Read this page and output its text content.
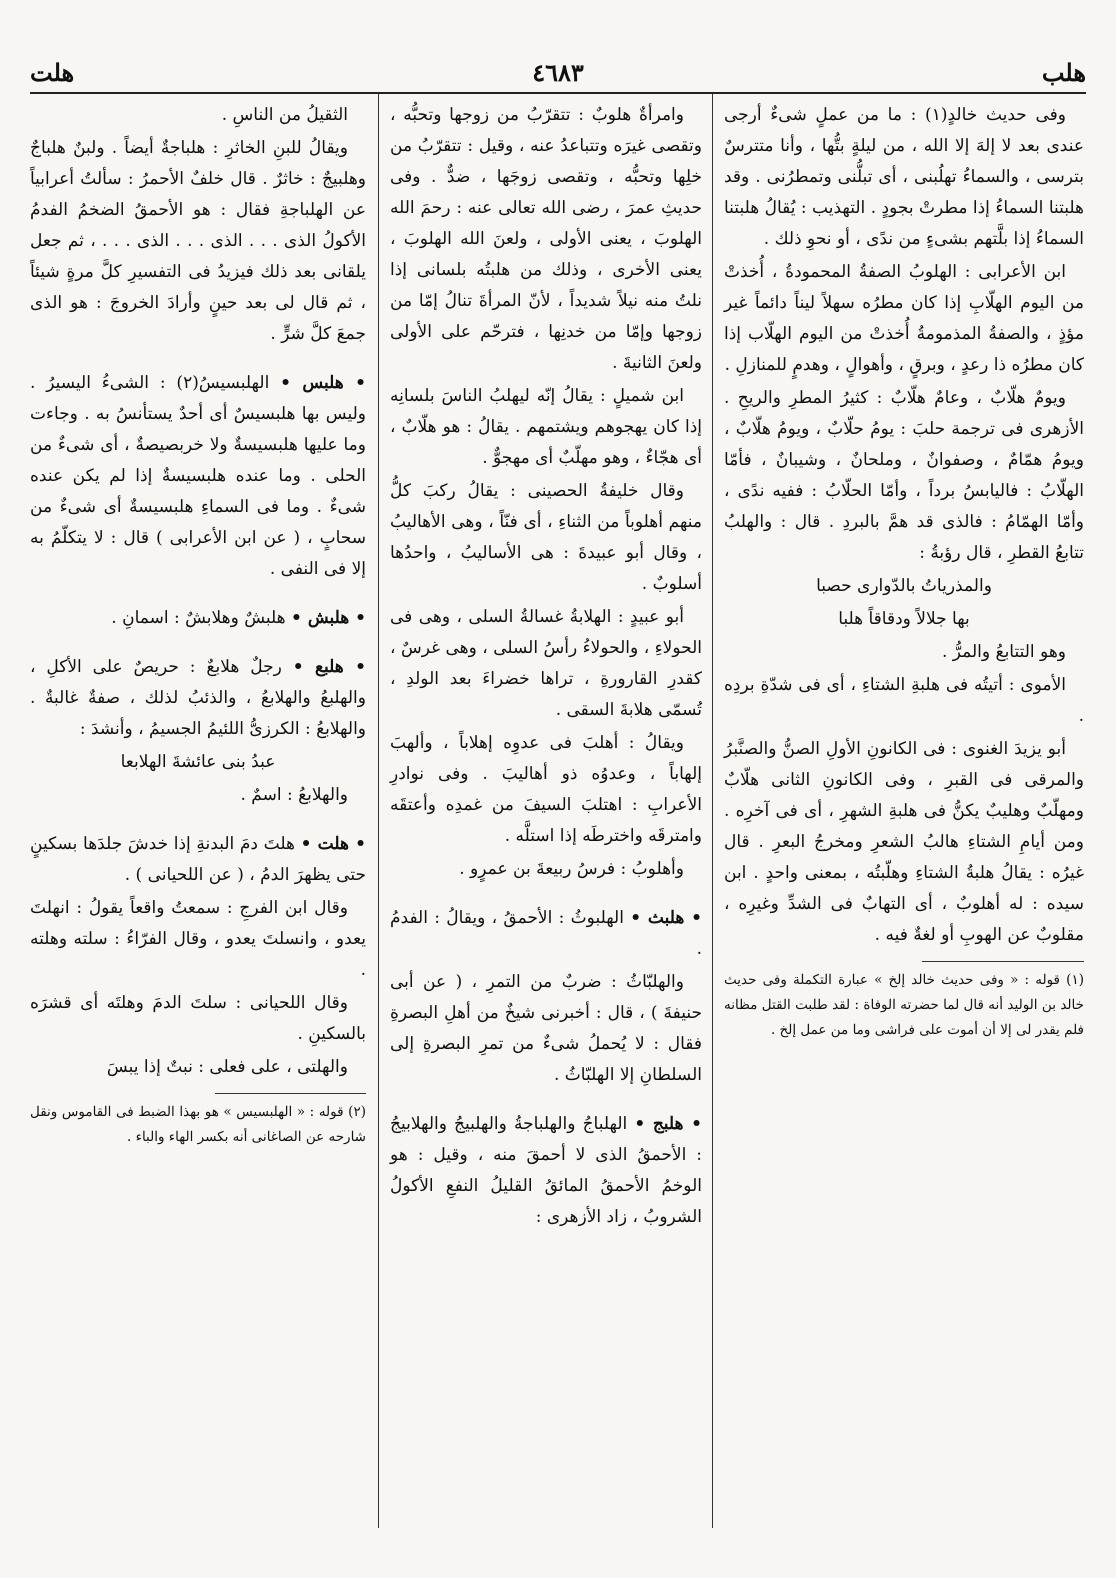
هلب
٤٦٨٣
هلت

وفى حديث خالدٍ(١) : ما من عملٍ شىءٌ أرجى عندى بعد لا إلهَ إلا الله ، من ليلةٍ بتُّها ، وأنا متترسٌ بترسى ، والسماءُ تهلُبنى ، أى تبلُّنى وتمطرُنى . وقد هلبتنا السماءُ إذا مطرتْ بجودٍ . التهذيب : يُقالُ هلبتنا السماءُ إذا بلَّتهم بشىءٍ من ندًى ، أو نحوِ ذلك .

ابن الأعرابى : الهلوبُ الصفةُ المحمودةُ ، أُخذتْ من اليوم الهلّابِ إذا كان مطرُه سهلاً ليناً دائماً غير مؤذٍ ، والصفةُ المذمومةُ أُخذتْ من اليوم الهلّاب إذا كان مطرُه ذا رعدٍ ، وبرقٍ ، وأهوالٍ ، وهدمٍ للمنازلِ .

ويومٌ هلّابٌ ، وعامٌ هلّابٌ : كثيرُ المطرِ والريحِ . الأزهرى فى ترجمة حلبَ : يومُ حلّابٌ ، ويومُ هلّابٌ ، ويومُ همّامٌ ، وصفوانٌ ، وملحانٌ ، وشيبانٌ ، فأمّا الهلّابُ : فاليابسُ برداً ، وأمّا الحلّابُ : ففيه ندًى ، وأمّا الهمّامُ : فالذى قد همَّ بالبردِ . قال : والهلبُ تتابعُ القطرِ ، قال رؤبةُ :

والمذرياتُ بالدّوارى حصبا

بها جلالاً ودقاقاً هلبا

وهو التتابعُ والمرُّ .

الأموى : أتيتُه فى هلبةِ الشتاءِ ، أى فى شدّةِ بردِه .

أبو يزيدَ الغنوى : فى الكانونِ الأولِ الصنُّ والصنَّبرُ والمرقى فى القبرِ ، وفى الكانونِ الثانى هلّابٌ ومهلّبٌ وهليبٌ يكنُّ فى هلبةِ الشهرِ ، أى فى آخرِه . ومن أيامِ الشتاءِ هالبُ الشعرِ ومخرجُ البعرِ . قال غيرُه : يقالُ هلبةُ الشتاءِ وهلّبتُه ، بمعنى واحدٍ . ابن سيده : له أهلوبٌ ، أى التهابٌ فى الشدِّ وغيرِه ، مقلوبٌ عن الهوبِ أو لغةٌ فيه .

(١) قوله : « وفى حديث خالد إلخ » عبارة التكملة وفى حديث خالد بن الوليد أنه قال لما حضرته الوفاة : لقد طلبت القتل مظانه فلم يقدر لى إلا أن أموت على فراشى وما من عمل إلخ .

وامرأةٌ هلوبٌ : تتقرّبُ من زوجها وتحبُّه ، وتقصى غيرَه وتتباعدُ عنه ، وقيل : تتقرّبُ من خلِها وتحبُّه ، وتقصى زوجَها ، ضدٌّ . وفى حديثِ عمرَ ، رضى الله تعالى عنه : رحمَ الله الهلوبَ ، يعنى الأولى ، ولعنَ الله الهلوبَ ، يعنى الأخرى ، وذلك من هلبتُه بلسانى إذا نلتُ منه نيلاً شديداً ، لأنّ المرأةَ تنالُ إمّا من زوجها وإمّا من خدنِها ، فترحّم على الأولى ولعنَ الثانيةَ .

ابن شميلٍ : يقالُ إنّه ليهلبُ الناسَ بلسانِه إذا كان يهجوهم ويشتمهم . يقالُ : هو هلّابٌ ، أى هجّاءٌ ، وهو مهلّبٌ أى مهجوٌّ .

وقال خليفةُ الحصينى : يقالُ ركبَ كلُّ منهم أهلوباً من الثناءِ ، أى فنّاً ، وهى الأهاليبُ ، وقال أبو عبيدةَ : هى الأساليبُ ، واحدُها أسلوبٌ .

أبو عبيدٍ : الهلابةُ غسالةُ السلى ، وهى فى الحولاءِ ، والحولاءُ رأسُ السلى ، وهى غرسٌ ، كقدرِ القارورةِ ، تراها خضراءَ بعد الولدِ ، تُسمّى هلابةَ السقى .

ويقالُ : أهلبَ فى عدوِه إهلاباً ، وألهبَ إلهاباً ، وعدوُه ذو أهاليبَ . وفى نوادرِ الأعرابِ : اهتلبَ السيفَ من غمدِه وأعتقَه وامترقَه واخترطَه إذا استلَّه .

وأهلوبُ : فرسُ ربيعةَ بن عمرٍو .

• هلبث • الهلبوثُ : الأحمقُ ، ويقالُ : الفدمُ .

والهلبّاثُ : ضربٌ من التمرِ ، ( عن أبى حنيفةَ ) ، قال : أخبرنى شيخٌ من أهلِ البصرةِ فقال : لا يُحملُ شىءٌ من تمرِ البصرةِ إلى السلطانِ إلا الهلبّاثُ .

• هلبج • الهلباجُ والهلباجةُ والهلبيجُ والهلابيجُ : الأحمقُ الذى لا أحمقَ منه ، وقيل : هو الوخمُ الأحمقُ المائقُ القليلُ النفعِ الأكولُ الشروبُ ، زاد الأزهرى :

الثقيلُ من الناسِ .

ويقالُ للبنِ الخاثرِ : هلباجةٌ أيضاً . ولبنٌ هلباجٌ وهلبيجٌ : خاثرٌ . قال خلفٌ الأحمرُ : سألتُ أعرابياً عن الهلباجةِ فقال : هو الأحمقُ الضخمُ الفدمُ الأكولُ الذى . . . الذى . . . الذى . . . ، ثم جعل يلقانى بعد ذلك فيزيدُ فى التفسيرِ كلَّ مرةٍ شيئاً ، ثم قال لى بعد حينٍ وأرادَ الخروجَ : هو الذى جمعَ كلَّ شرٍّ .

• هلبس • الهلبسيسُ(٢) : الشىءُ اليسيرُ . وليس بها هلبسيسٌ أى أحدٌ يستأنسُ به . وجاءت وما عليها هلبسيسةٌ ولا خربصيصةٌ ، أى شىءٌ من الحلى . وما عنده هلبسيسةٌ إذا لم يكن عنده شىءٌ . وما فى السماءِ هلبسيسةٌ أى شىءٌ من سحابٍ ، ( عن ابن الأعرابى ) قال : لا يتكلّمُ به إلا فى النفى .

• هلبش • هلبشٌ وهلابشٌ : اسمانِ .

• هلبع • رجلٌ هلابعٌ : حريصٌ على الأكلِ ، والهلبعُ والهلابعُ ، والذئبُ لذلك ، صفةٌ غالبةٌ . والهلابعُ : الكرزىُّ اللئيمُ الجسيمُ ، وأنشدَ :

عبدُ بنى عائشةَ الهلابعا

والهلابعُ : اسمٌ .

• هلت • هلتَ دمَ البدنةِ إذا خدشَ جلدَها بسكينٍ حتى يظهرَ الدمُ ، ( عن اللحيانى ) .

وقال ابن الفرجِ : سمعتُ واقعاً يقولُ : انهلتَ يعدو ، وانسلتَ يعدو ، وقال الفرّاءُ : سلته وهلته .

وقال اللحيانى : سلتَ الدمَ وهلتَه أى قشرَه بالسكينِ .

والهلتى ، على فعلى : نبتٌ إذا يبسَ

(٢) قوله : « الهلبسيس » هو بهذا الضبط فى القاموس ونقل شارحه عن الصاغانى أنه بكسر الهاء والباء .
